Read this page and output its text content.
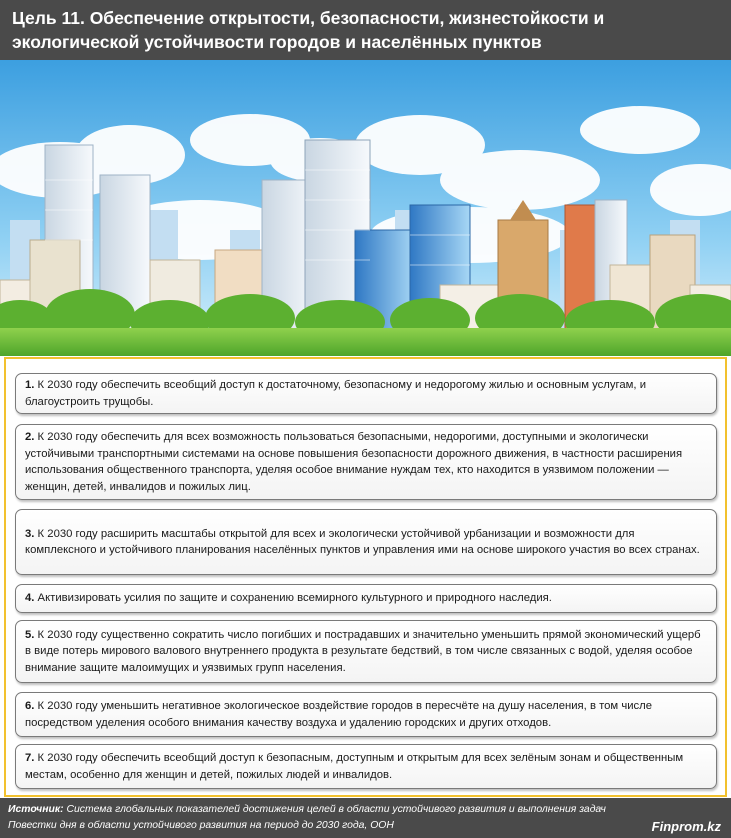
Цель 11. Обеспечение открытости, безопасности, жизнестойкости и экологической устойчивости городов и населённых пунктов

1. К 2030 году обеспечить всеобщий доступ к достаточному, безопасному и недорогому жилью и основным услугам, и благоустроить трущобы.

2. К 2030 году обеспечить для всех возможность пользоваться безопасными, недорогими, доступными и экологически устойчивыми транспортными системами на основе повышения безопасности дорожного движения, в частности расширения использования общественного транспорта, уделяя особое внимание нуждам тех, кто находится в уязвимом положении — женщин, детей, инвалидов и пожилых лиц.

3. К 2030 году расширить масштабы открытой для всех и экологически устойчивой урбанизации и возможности для комплексного и устойчивого планирования населённых пунктов и управления ими на основе широкого участия во всех странах.

4. Активизировать усилия по защите и сохранению всемирного культурного и природного наследия.

5. К 2030 году существенно сократить число погибших и пострадавших и значительно уменьшить прямой экономический ущерб в виде потерь мирового валового внутреннего продукта в результате бедствий, в том числе связанных с водой, уделяя особое внимание защите малоимущих и уязвимых групп населения.

6. К 2030 году уменьшить негативное экологическое воздействие городов в пересчёте на душу населения, в том числе посредством уделения особого внимания качеству воздуха и удалению городских и других отходов.

7. К 2030 году обеспечить всеобщий доступ к безопасным, доступным и открытым для всех зелёным зонам и общественным местам, особенно для женщин и детей, пожилых людей и инвалидов.

Источник: Система глобальных показателей достижения целей в области устойчивого развития и выполнения задач Повестки дня в области устойчивого развития на период до 2030 года, ООН	Finprom.kz
